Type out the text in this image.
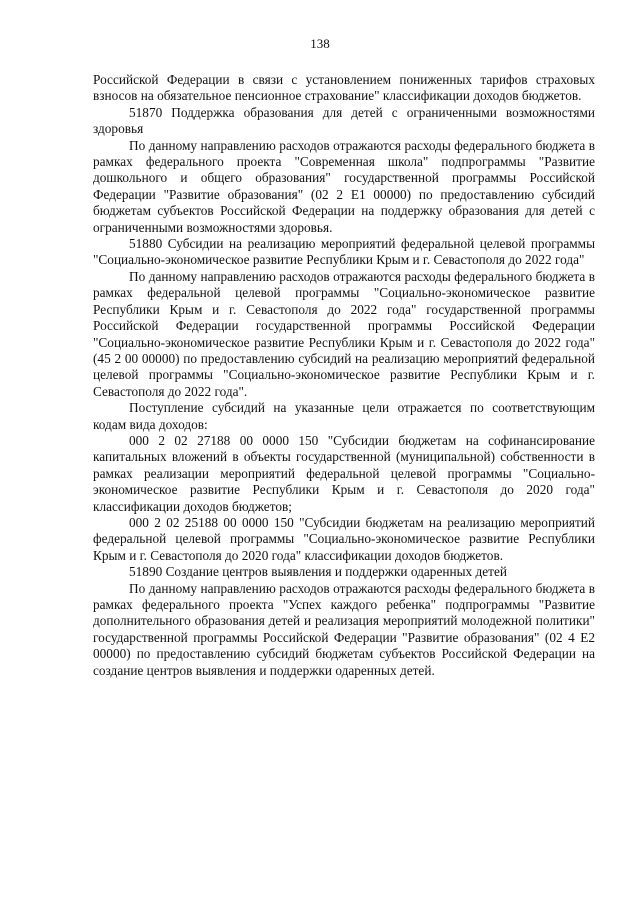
138

Российской Федерации в связи с установлением пониженных тарифов страховых взносов на обязательное пенсионное страхование" классификации доходов бюджетов.

51870 Поддержка образования для детей с ограниченными возможностями здоровья

По данному направлению расходов отражаются расходы федерального бюджета в рамках федерального проекта "Современная школа" подпрограммы "Развитие дошкольного и общего образования" государственной программы Российской Федерации "Развитие образования" (02 2 E1 00000) по предоставлению субсидий бюджетам субъектов Российской Федерации на поддержку образования для детей с ограниченными возможностями здоровья.

51880 Субсидии на реализацию мероприятий федеральной целевой программы "Социально-экономическое развитие Республики Крым и г. Севастополя до 2022 года"

По данному направлению расходов отражаются расходы федерального бюджета в рамках федеральной целевой программы "Социально-экономическое развитие Республики Крым и г. Севастополя до 2022 года" государственной программы Российской Федерации государственной программы Российской Федерации "Социально-экономическое развитие Республики Крым и г. Севастополя до 2022 года" (45 2 00 00000) по предоставлению субсидий на реализацию мероприятий федеральной целевой программы "Социально-экономическое развитие Республики Крым и г. Севастополя до 2022 года".

Поступление субсидий на указанные цели отражается по соответствующим кодам вида доходов:

000 2 02 27188 00 0000 150 "Субсидии бюджетам на софинансирование капитальных вложений в объекты государственной (муниципальной) собственности в рамках реализации мероприятий федеральной целевой программы "Социально-экономическое развитие Республики Крым и г. Севастополя до 2020 года" классификации доходов бюджетов;

000 2 02 25188 00 0000 150 "Субсидии бюджетам на реализацию мероприятий федеральной целевой программы "Социально-экономическое развитие Республики Крым и г. Севастополя до 2020 года" классификации доходов бюджетов.

51890 Создание центров выявления и поддержки одаренных детей

По данному направлению расходов отражаются расходы федерального бюджета в рамках федерального проекта "Успех каждого ребенка" подпрограммы "Развитие дополнительного образования детей и реализация мероприятий молодежной политики" государственной программы Российской Федерации "Развитие образования" (02 4 E2 00000) по предоставлению субсидий бюджетам субъектов Российской Федерации на создание центров выявления и поддержки одаренных детей.
